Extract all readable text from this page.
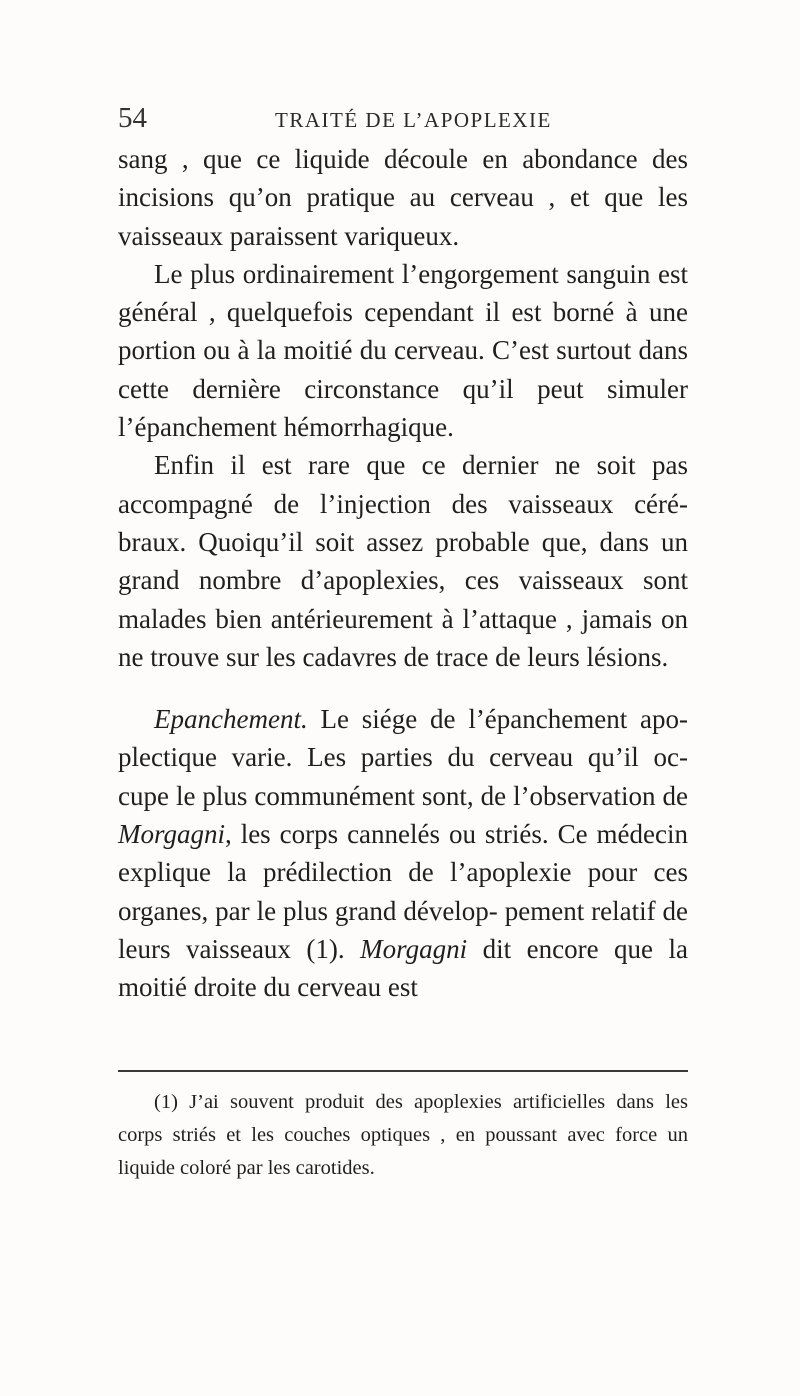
54	TRAITÉ DE L’APOPLEXIE

sang , que ce liquide découle en abondance des incisions qu’on pratique au cerveau , et que les vaisseaux paraissent variqueux.

Le plus ordinairement l’engorgement sanguin est général , quelquefois cependant il est borné à une portion ou à la moitié du cerveau. C’est surtout dans cette dernière circonstance qu’il peut simuler l’épanchement hémorrhagique.

Enfin il est rare que ce dernier ne soit pas accompagné de l’injection des vaisseaux céré- braux. Quoiqu’il soit assez probable que, dans un grand nombre d’apoplexies, ces vaisseaux sont malades bien antérieurement à l’attaque , jamais on ne trouve sur les cadavres de trace de leurs lésions.

Epanchement. Le siége de l’épanchement apo- plectique varie. Les parties du cerveau qu’il oc- cupe le plus communément sont, de l’observation de Morgagni, les corps cannelés ou striés. Ce médecin explique la prédilection de l’apoplexie pour ces organes, par le plus grand dévelop- pement relatif de leurs vaisseaux (1). Morgagni dit encore que la moitié droite du cerveau est

(1) J’ai souvent produit des apoplexies artificielles dans les corps striés et les couches optiques , en poussant avec force un liquide coloré par les carotides.
